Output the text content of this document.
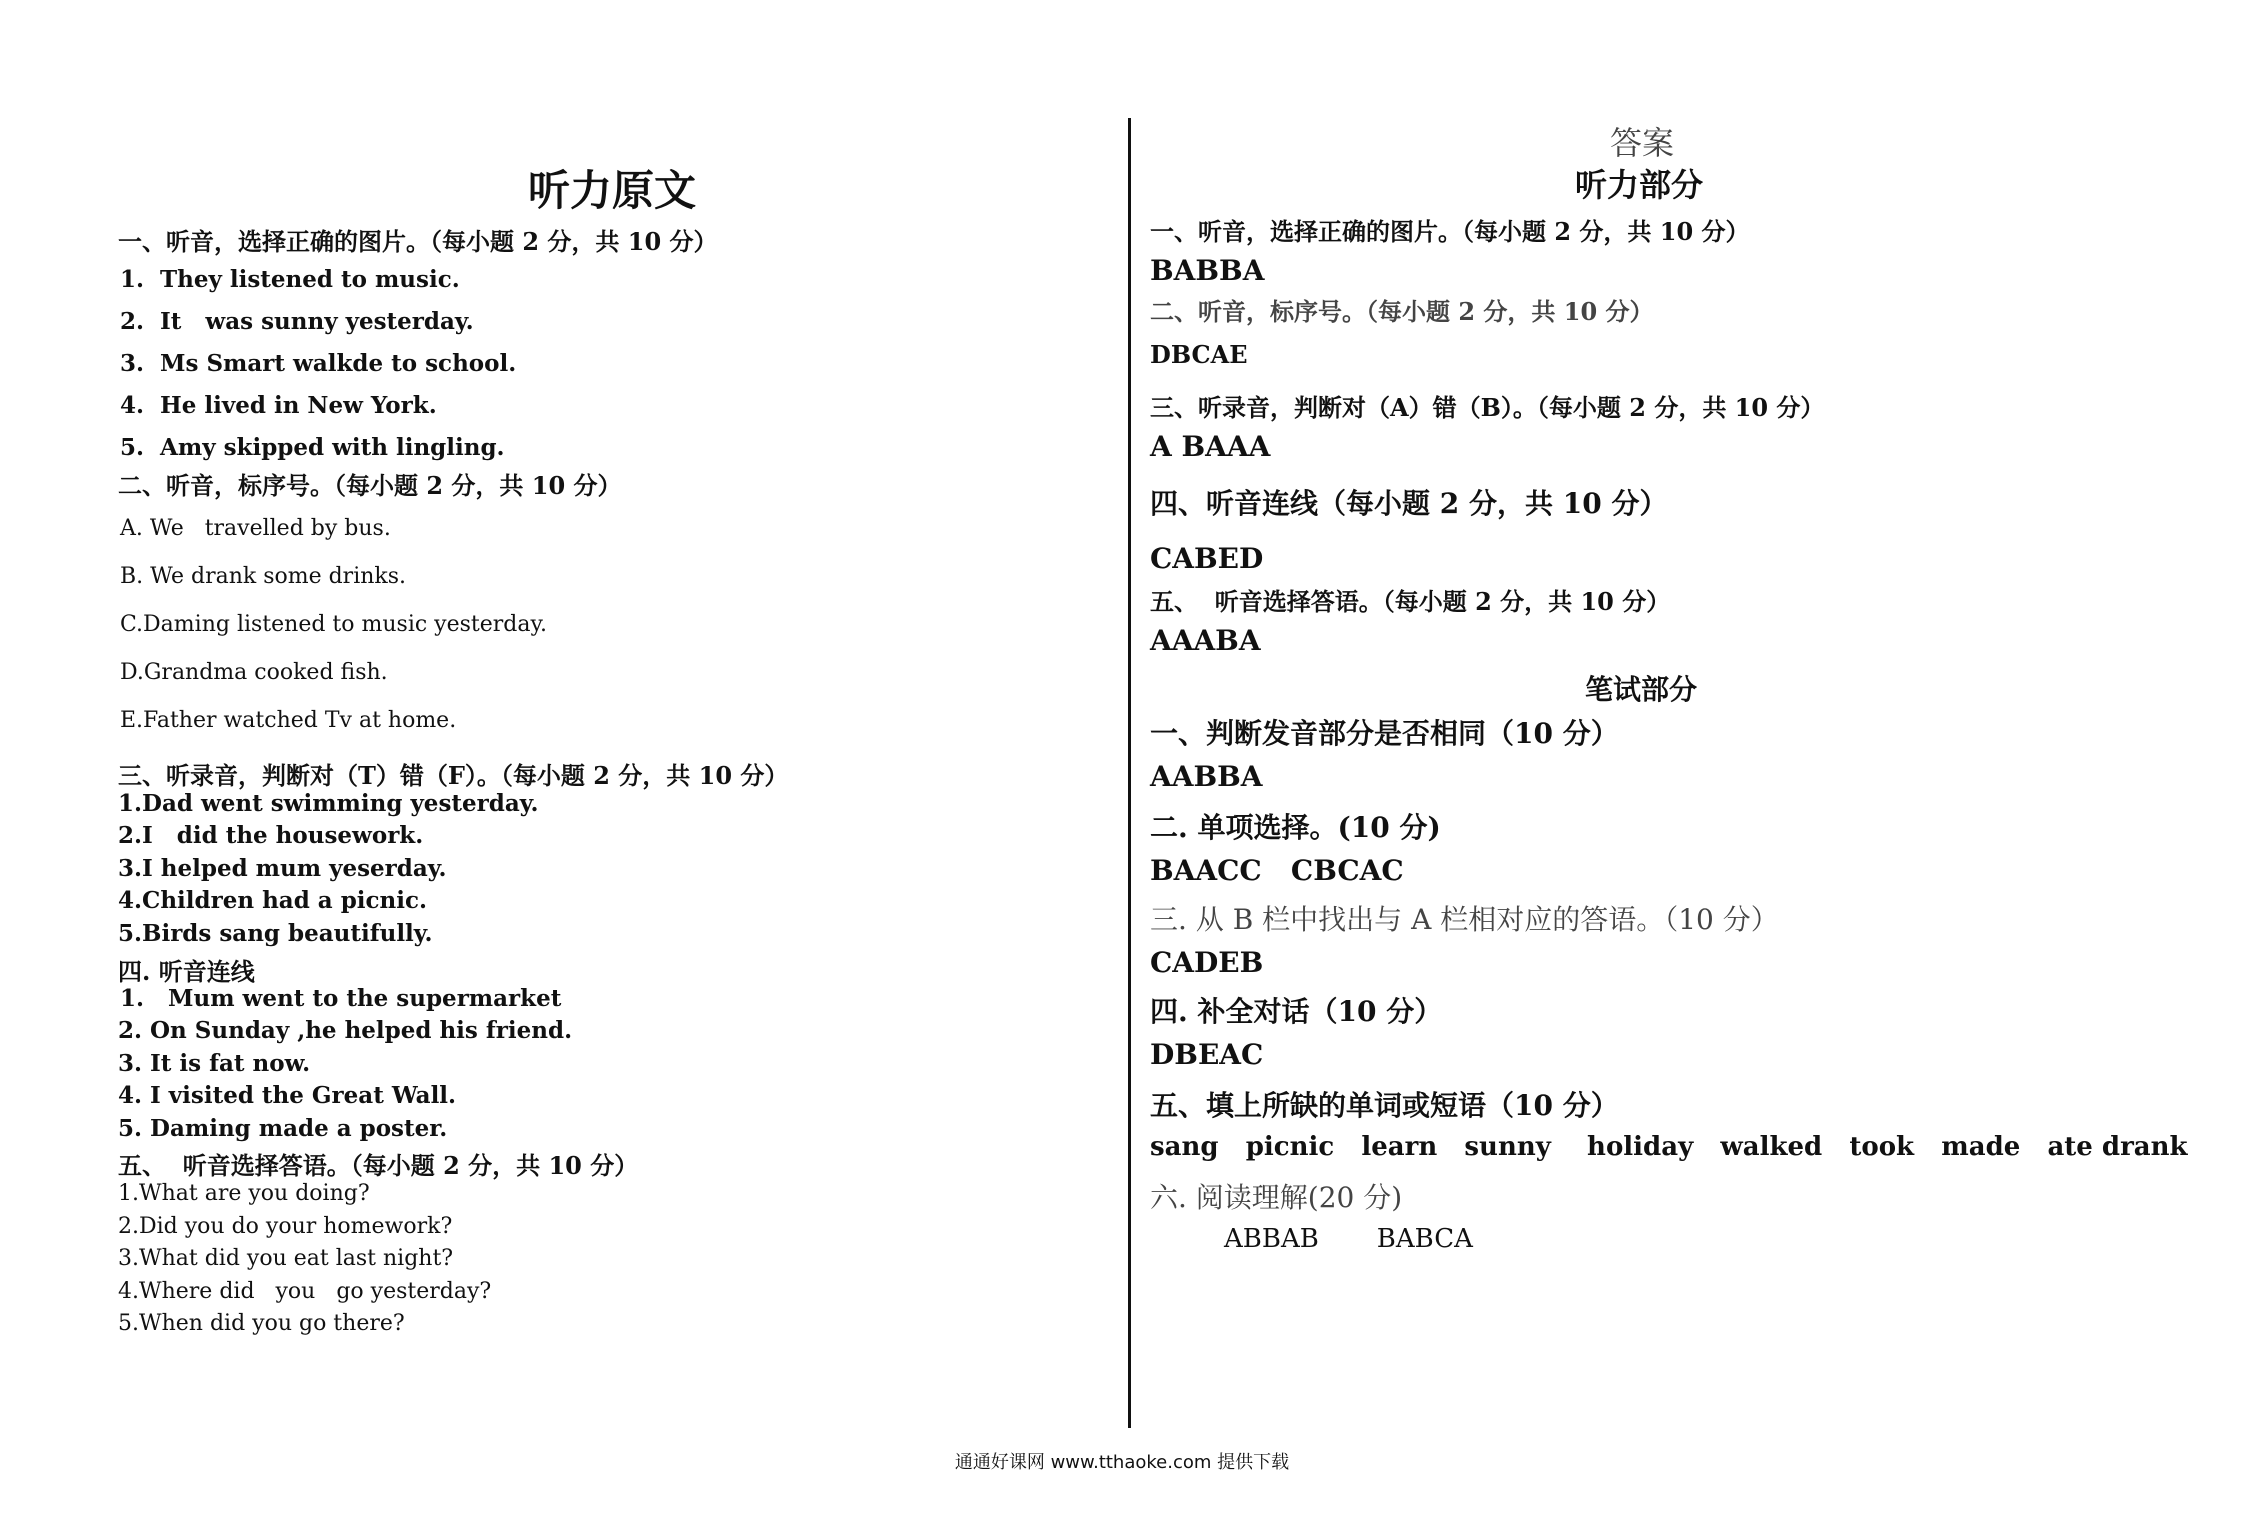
听力原文
一、听音，选择正确的图片。（每小题 2 分，共 10 分）
1.  They listened to music.
2.  It   was sunny yesterday.
3.  Ms Smart walkde to school.
4.  He lived in New York.
5.  Amy skipped with lingling.
二、听音，标序号。（每小题 2 分，共 10 分）
A. We   travelled by bus.
B. We drank some drinks.
C.Daming listened to music yesterday.
D.Grandma cooked fish.
E.Father watched Tv at home.
三、听录音，判断对（T）错（F）。（每小题 2 分，共 10 分）
1.Dad went swimming yesterday.
2.I   did the housework.
3.I helped mum yeserday.
4.Children had a picnic.
5.Birds sang beautifully.
四. 听音连线
1.   Mum went to the supermarket
2. On Sunday ,he helped his friend.
3. It is fat now.
4. I visited the Great Wall.
5. Daming made a poster.
五、  听音选择答语。（每小题 2 分，共 10 分）
1.What are you doing?
2.Did you do your homework?
3.What did you eat last night?
4.Where did   you   go yesterday?
5.When did you go there?
答案
听力部分
一、听音，选择正确的图片。（每小题 2 分，共 10 分）
BABBA
二、听音，标序号。（每小题 2 分，共 10 分）
DBCAE
三、听录音，判断对（A）错（B）。（每小题 2 分，共 10 分）
A BAAA
四、听音连线（每小题 2 分，共 10 分）
CABED
五、  听音选择答语。（每小题 2 分，共 10 分）
AAABA
笔试部分
一、判断发音部分是否相同（10 分）
AABBA
二. 单项选择。(10 分)
BAACC   CBCAC
三. 从 B 栏中找出与 A 栏相对应的答语。（10 分）
CADEB
四. 补全对话（10 分）
DBEAC
五、填上所缺的单词或短语（10 分）
sang   picnic   learn   sunny    holiday   walked   took   made   ate drank
六. 阅读理解(20 分)
ABBAB       BABCA
通通好课网 www.tthaoke.com 提供下载
